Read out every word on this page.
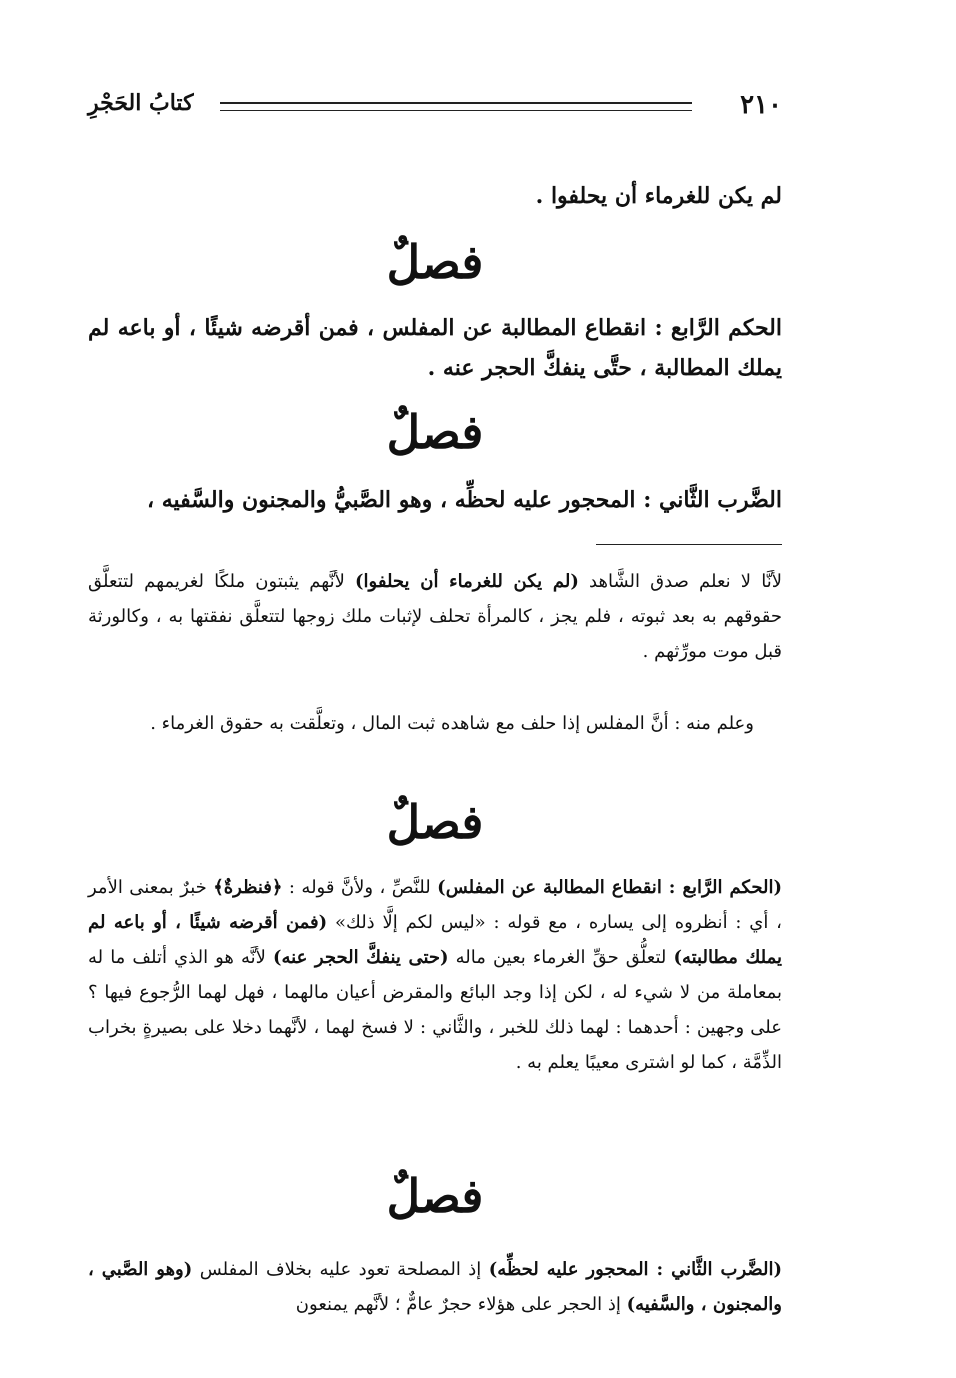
٢١٠
كتابُ الحَجْرِ

لم يكن للغرماء أن يحلفوا .

فصلٌ

الحكم الرَّابع : انقطاع المطالبة عن المفلس ، فمن أقرضه شيئًا ، أو باعه لم يملك المطالبة ، حتَّى ينفكَّ الحجر عنه .

فصلٌ

الضَّرب الثَّاني : المحجور عليه لحظِّه ، وهو الصَّبيُّ والمجنون والسَّفيه ،

لأنَّا لا نعلم صدق الشَّاهد (لم يكن للغرماء أن يحلفوا) لأنَّهم يثبتون ملكًا لغريمهم لتتعلَّق حقوقهم به بعد ثبوته ، فلم يجز ، كالمرأة تحلف لإثبات ملك زوجها لتتعلَّق نفقتها به ، وكالورثة قبل موت مورِّثهم .

وعلم منه : أنَّ المفلس إذا حلف مع شاهده ثبت المال ، وتعلَّقت به حقوق الغرماء .

فصلٌ

(الحكم الرَّابع : انقطاع المطالبة عن المفلس) للنَّصِّ ، ولأنَّ قوله : ﴿فنظرةٌ﴾ خبرٌ بمعنى الأمر ، أي : أنظروه إلى يساره ، مع قوله : «ليس لكم إلَّا ذلك» (فمن أقرضه شيئًا ، أو باعه لم يملك مطالبته) لتعلُّق حقِّ الغرماء بعين ماله (حتى ينفكَّ الحجر عنه) لأنَّه هو الذي أتلف ما له بمعاملة من لا شيء له ، لكن إذا وجد البائع والمقرض أعيان مالهما ، فهل لهما الرُّجوع فيها ؟ على وجهين : أحدهما : لهما ذلك للخبر ، والثَّاني : لا فسخ لهما ، لأنَّهما دخلا على بصيرةٍ بخراب الذِّمَّة ، كما لو اشترى معيبًا يعلم به .

فصلٌ

(الضَّرب الثَّاني : المحجور عليه لحظِّه) إذ المصلحة تعود عليه بخلاف المفلس (وهو الصَّبي ، والمجنون ، والسَّفيه) إذ الحجر على هؤلاء حجرٌ عامٌّ ؛ لأنَّهم يمنعون
